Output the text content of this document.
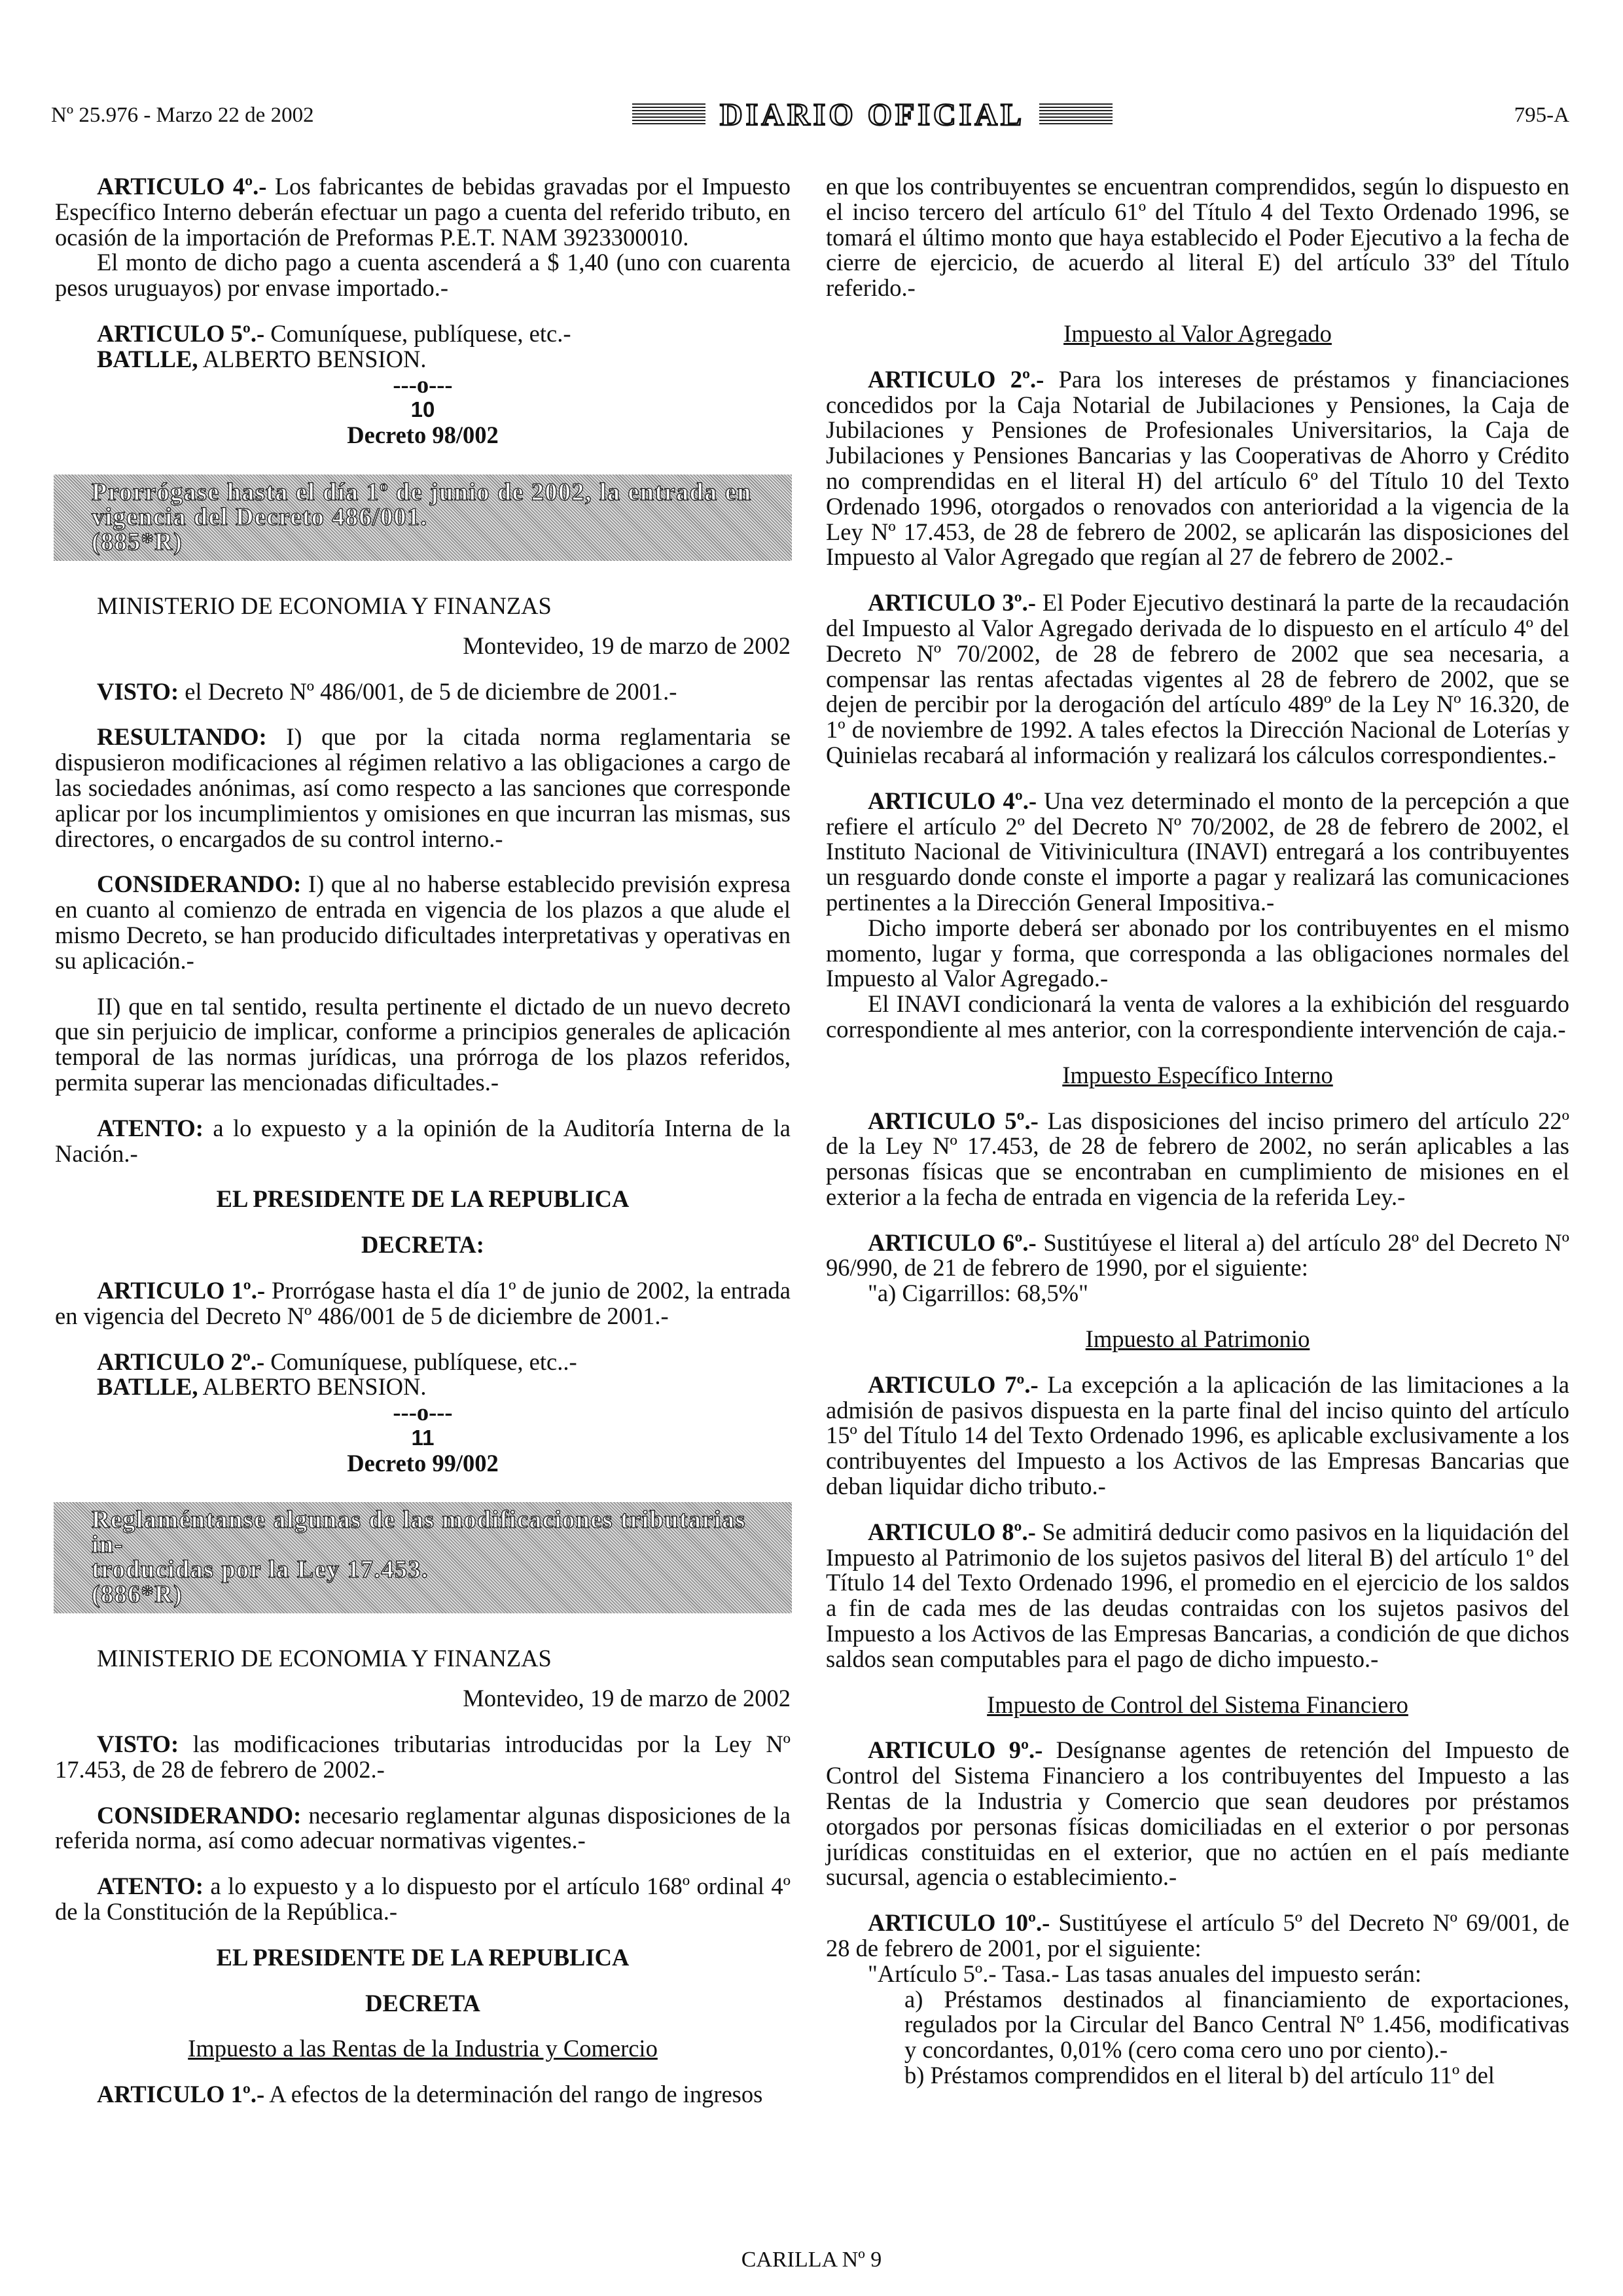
Nº 25.976 - Marzo 22 de 2002	DIARIO OFICIAL	795-A

ARTICULO 4º.- Los fabricantes de bebidas gravadas por el Impuesto Específico Interno deberán efectuar un pago a cuenta del referido tributo, en ocasión de la importación de Preformas P.E.T. NAM 3923300010.

El monto de dicho pago a cuenta ascenderá a $ 1,40 (uno con cuarenta pesos uruguayos) por envase importado.-

ARTICULO 5º.- Comuníquese, publíquese, etc.-

BATLLE, ALBERTO BENSION.

---o---

10

Decreto 98/002

Prorrógase hasta el día 1º de junio de 2002, la entrada en
vigencia del Decreto 486/001.
(885*R)

MINISTERIO DE ECONOMIA Y FINANZAS

Montevideo, 19 de marzo de 2002

VISTO: el Decreto Nº 486/001, de 5 de diciembre de 2001.-

RESULTANDO: I) que por la citada norma reglamentaria se dispusieron modificaciones al régimen relativo a las obligaciones a cargo de las sociedades anónimas, así como respecto a las sanciones que corresponde aplicar por los incumplimientos y omisiones en que incurran las mismas, sus directores, o encargados de su control interno.-

CONSIDERANDO: I) que al no haberse establecido previsión expresa en cuanto al comienzo de entrada en vigencia de los plazos a que alude el mismo Decreto, se han producido dificultades interpretativas y operativas en su aplicación.-

II) que en tal sentido, resulta pertinente el dictado de un nuevo decreto que sin perjuicio de implicar, conforme a principios generales de aplicación temporal de las normas jurídicas, una prórroga de los plazos referidos, permita superar las mencionadas dificultades.-

ATENTO: a lo expuesto y a la opinión de la Auditoría Interna de la Nación.-

EL PRESIDENTE DE LA REPUBLICA

DECRETA:

ARTICULO 1º.- Prorrógase hasta el día 1º de junio de 2002, la entrada en vigencia del Decreto Nº 486/001 de 5 de diciembre de 2001.-

ARTICULO 2º.- Comuníquese, publíquese, etc..-

BATLLE, ALBERTO BENSION.

---o---

11

Decreto 99/002

Reglaméntanse algunas de las modificaciones tributarias in-
troducidas por la Ley 17.453.
(886*R)

MINISTERIO DE ECONOMIA Y FINANZAS

Montevideo, 19 de marzo de 2002

VISTO: las modificaciones tributarias introducidas por la Ley Nº 17.453, de 28 de febrero de 2002.-

CONSIDERANDO: necesario reglamentar algunas disposiciones de la referida norma, así como adecuar normativas vigentes.-

ATENTO: a lo expuesto y a lo dispuesto por el artículo 168º ordinal 4º de la Constitución de la República.-

EL PRESIDENTE DE LA REPUBLICA

DECRETA

Impuesto a las Rentas de la Industria y Comercio

ARTICULO 1º.- A efectos de la determinación del rango de ingresos

en que los contribuyentes se encuentran comprendidos, según lo dispuesto en el inciso tercero del artículo 61º del Título 4 del Texto Ordenado 1996, se tomará el último monto que haya establecido el Poder Ejecutivo a la fecha de cierre de ejercicio, de acuerdo al literal E) del artículo 33º del Título referido.-

Impuesto al Valor Agregado

ARTICULO 2º.- Para los intereses de préstamos y financiaciones concedidos por la Caja Notarial de Jubilaciones y Pensiones, la Caja de Jubilaciones y Pensiones de Profesionales Universitarios, la Caja de Jubilaciones y Pensiones Bancarias y las Cooperativas de Ahorro y Crédito no comprendidas en el literal H) del artículo 6º del Título 10 del Texto Ordenado 1996, otorgados o renovados con anterioridad a la vigencia de la Ley Nº 17.453, de 28 de febrero de 2002, se aplicarán las disposiciones del Impuesto al Valor Agregado que regían al 27 de febrero de 2002.-

ARTICULO 3º.- El Poder Ejecutivo destinará la parte de la recaudación del Impuesto al Valor Agregado derivada de lo dispuesto en el artículo 4º del Decreto Nº 70/2002, de 28 de febrero de 2002 que sea necesaria, a compensar las rentas afectadas vigentes al 28 de febrero de 2002, que se dejen de percibir por la derogación del artículo 489º de la Ley Nº 16.320, de 1º de noviembre de 1992. A tales efectos la Dirección Nacional de Loterías y Quinielas recabará al información y realizará los cálculos correspondientes.-

ARTICULO 4º.- Una vez determinado el monto de la percepción a que refiere el artículo 2º del Decreto Nº 70/2002, de 28 de febrero de 2002, el Instituto Nacional de Vitivinicultura (INAVI) entregará a los contribuyentes un resguardo donde conste el importe a pagar y realizará las comunicaciones pertinentes a la Dirección General Impositiva.-

Dicho importe deberá ser abonado por los contribuyentes en el mismo momento, lugar y forma, que corresponda a las obligaciones normales del Impuesto al Valor Agregado.-

El INAVI condicionará la venta de valores a la exhibición del resguardo correspondiente al mes anterior, con la correspondiente intervención de caja.-

Impuesto Específico Interno

ARTICULO 5º.- Las disposiciones del inciso primero del artículo 22º de la Ley Nº 17.453, de 28 de febrero de 2002, no serán aplicables a las personas físicas que se encontraban en cumplimiento de misiones en el exterior a la fecha de entrada en vigencia de la referida Ley.-

ARTICULO 6º.- Sustitúyese el literal a) del artículo 28º del Decreto Nº 96/990, de 21 de febrero de 1990, por el siguiente:

"a) Cigarrillos: 68,5%"

Impuesto al Patrimonio

ARTICULO 7º.- La excepción a la aplicación de las limitaciones a la admisión de pasivos dispuesta en la parte final del inciso quinto del artículo 15º del Título 14 del Texto Ordenado 1996, es aplicable exclusivamente a los contribuyentes del Impuesto a los Activos de las Empresas Bancarias que deban liquidar dicho tributo.-

ARTICULO 8º.- Se admitirá deducir como pasivos en la liquidación del Impuesto al Patrimonio de los sujetos pasivos del literal B) del artículo 1º del Título 14 del Texto Ordenado 1996, el promedio en el ejercicio de los saldos a fin de cada mes de las deudas contraidas con los sujetos pasivos del Impuesto a los Activos de las Empresas Bancarias, a condición de que dichos saldos sean computables para el pago de dicho impuesto.-

Impuesto de Control del Sistema Financiero

ARTICULO 9º.- Desígnanse agentes de retención del Impuesto de Control del Sistema Financiero a los contribuyentes del Impuesto a las Rentas de la Industria y Comercio que sean deudores por préstamos otorgados por personas físicas domiciliadas en el exterior o por personas jurídicas constituidas en el exterior, que no actúen en el país mediante sucursal, agencia o establecimiento.-

ARTICULO 10º.- Sustitúyese el artículo 5º del Decreto Nº 69/001, de 28 de febrero de 2001, por el siguiente:

"Artículo 5º.- Tasa.- Las tasas anuales del impuesto serán:

a) Préstamos destinados al financiamiento de exportaciones, regulados por la Circular del Banco Central Nº 1.456, modificativas y concordantes, 0,01% (cero coma cero uno por ciento).-

b) Préstamos comprendidos en el literal b) del artículo 11º del

CARILLA Nº 9
